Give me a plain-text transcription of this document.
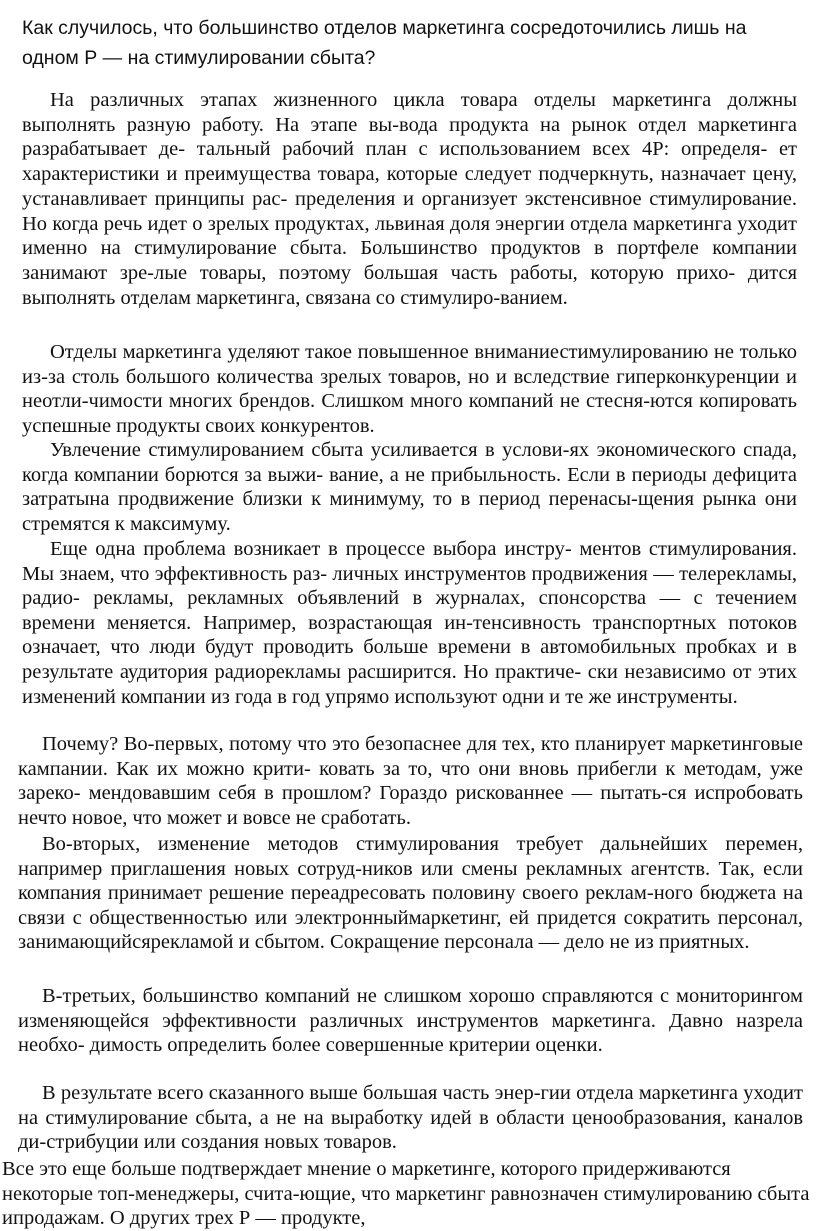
Как случилось, что большинство отделов маркетинга сосредоточились лишь на одном Р — на стимулировании сбыта?

На различных этапах жизненного цикла товара отделы маркетинга должны выполнять разную работу. На этапе вы-вода продукта на рынок отдел маркетинга разрабатывает де- тальный рабочий план с использованием всех 4P: определя- ет характеристики и преимущества товара, которые следует подчеркнуть, назначает цену, устанавливает принципы рас- пределения и организует экстенсивное стимулирование. Но когда речь идет о зрелых продуктах, львиная доля энергии отдела маркетинга уходит именно на стимулирование сбыта. Большинство продуктов в портфеле компании занимают зре-лые товары, поэтому большая часть работы, которую прихо- дится выполнять отделам маркетинга, связана со стимулиро-ванием.

Отделы маркетинга уделяют такое повышенное вниманиестимулированию не только из-за столь большого количества зрелых товаров, но и вследствие гиперконкуренции и неотли-чимости многих брендов. Слишком много компаний не стесня-ются копировать успешные продукты своих конкурентов.

Увлечение стимулированием сбыта усиливается в услови-ях экономического спада, когда компании борются за выжи- вание, а не прибыльность. Если в периоды дефицита затратына продвижение близки к минимуму, то в период перенасы-щения рынка они стремятся к максимуму.

Еще одна проблема возникает в процессе выбора инстру- ментов стимулирования. Мы знаем, что эффективность раз- личных инструментов продвижения — телерекламы, радио- рекламы, рекламных объявлений в журналах, спонсорства — с течением времени меняется. Например, возрастающая ин-тенсивность транспортных потоков означает, что люди будут проводить больше времени в автомобильных пробках и в результате аудитория радиорекламы расширится. Но практиче- ски независимо от этих изменений компании из года в год упрямо используют одни и те же инструменты.

Почему? Во-первых, потому что это безопаснее для тех, кто планирует маркетинговые кампании. Как их можно крити- ковать за то, что они вновь прибегли к методам, уже зареко- мендовавшим себя в прошлом? Гораздо рискованнее — пытать-ся испробовать нечто новое, что может и вовсе не сработать.

Во-вторых, изменение методов стимулирования требует дальнейших перемен, например приглашения новых сотруд-ников или смены рекламных агентств. Так, если компания принимает решение переадресовать половину своего реклам-ного бюджета на связи с общественностью или электронныймаркетинг, ей придется сократить персонал, занимающийсярекламой и сбытом. Сокращение персонала — дело не из приятных.

В-третьих, большинство компаний не слишком хорошо справляются с мониторингом изменяющейся эффективности различных инструментов маркетинга. Давно назрела необхо- димость определить более совершенные критерии оценки.

В результате всего сказанного выше большая часть энер-гии отдела маркетинга уходит на стимулирование сбыта, а не на выработку идей в области ценообразования, каналов ди-стрибуции или создания новых товаров.

Все это еще больше подтверждает мнение о маркетинге, которого придерживаются некоторые топ-менеджеры, счита-ющие, что маркетинг равнозначен стимулированию сбыта ипродажам. О других трех Р — продукте,
